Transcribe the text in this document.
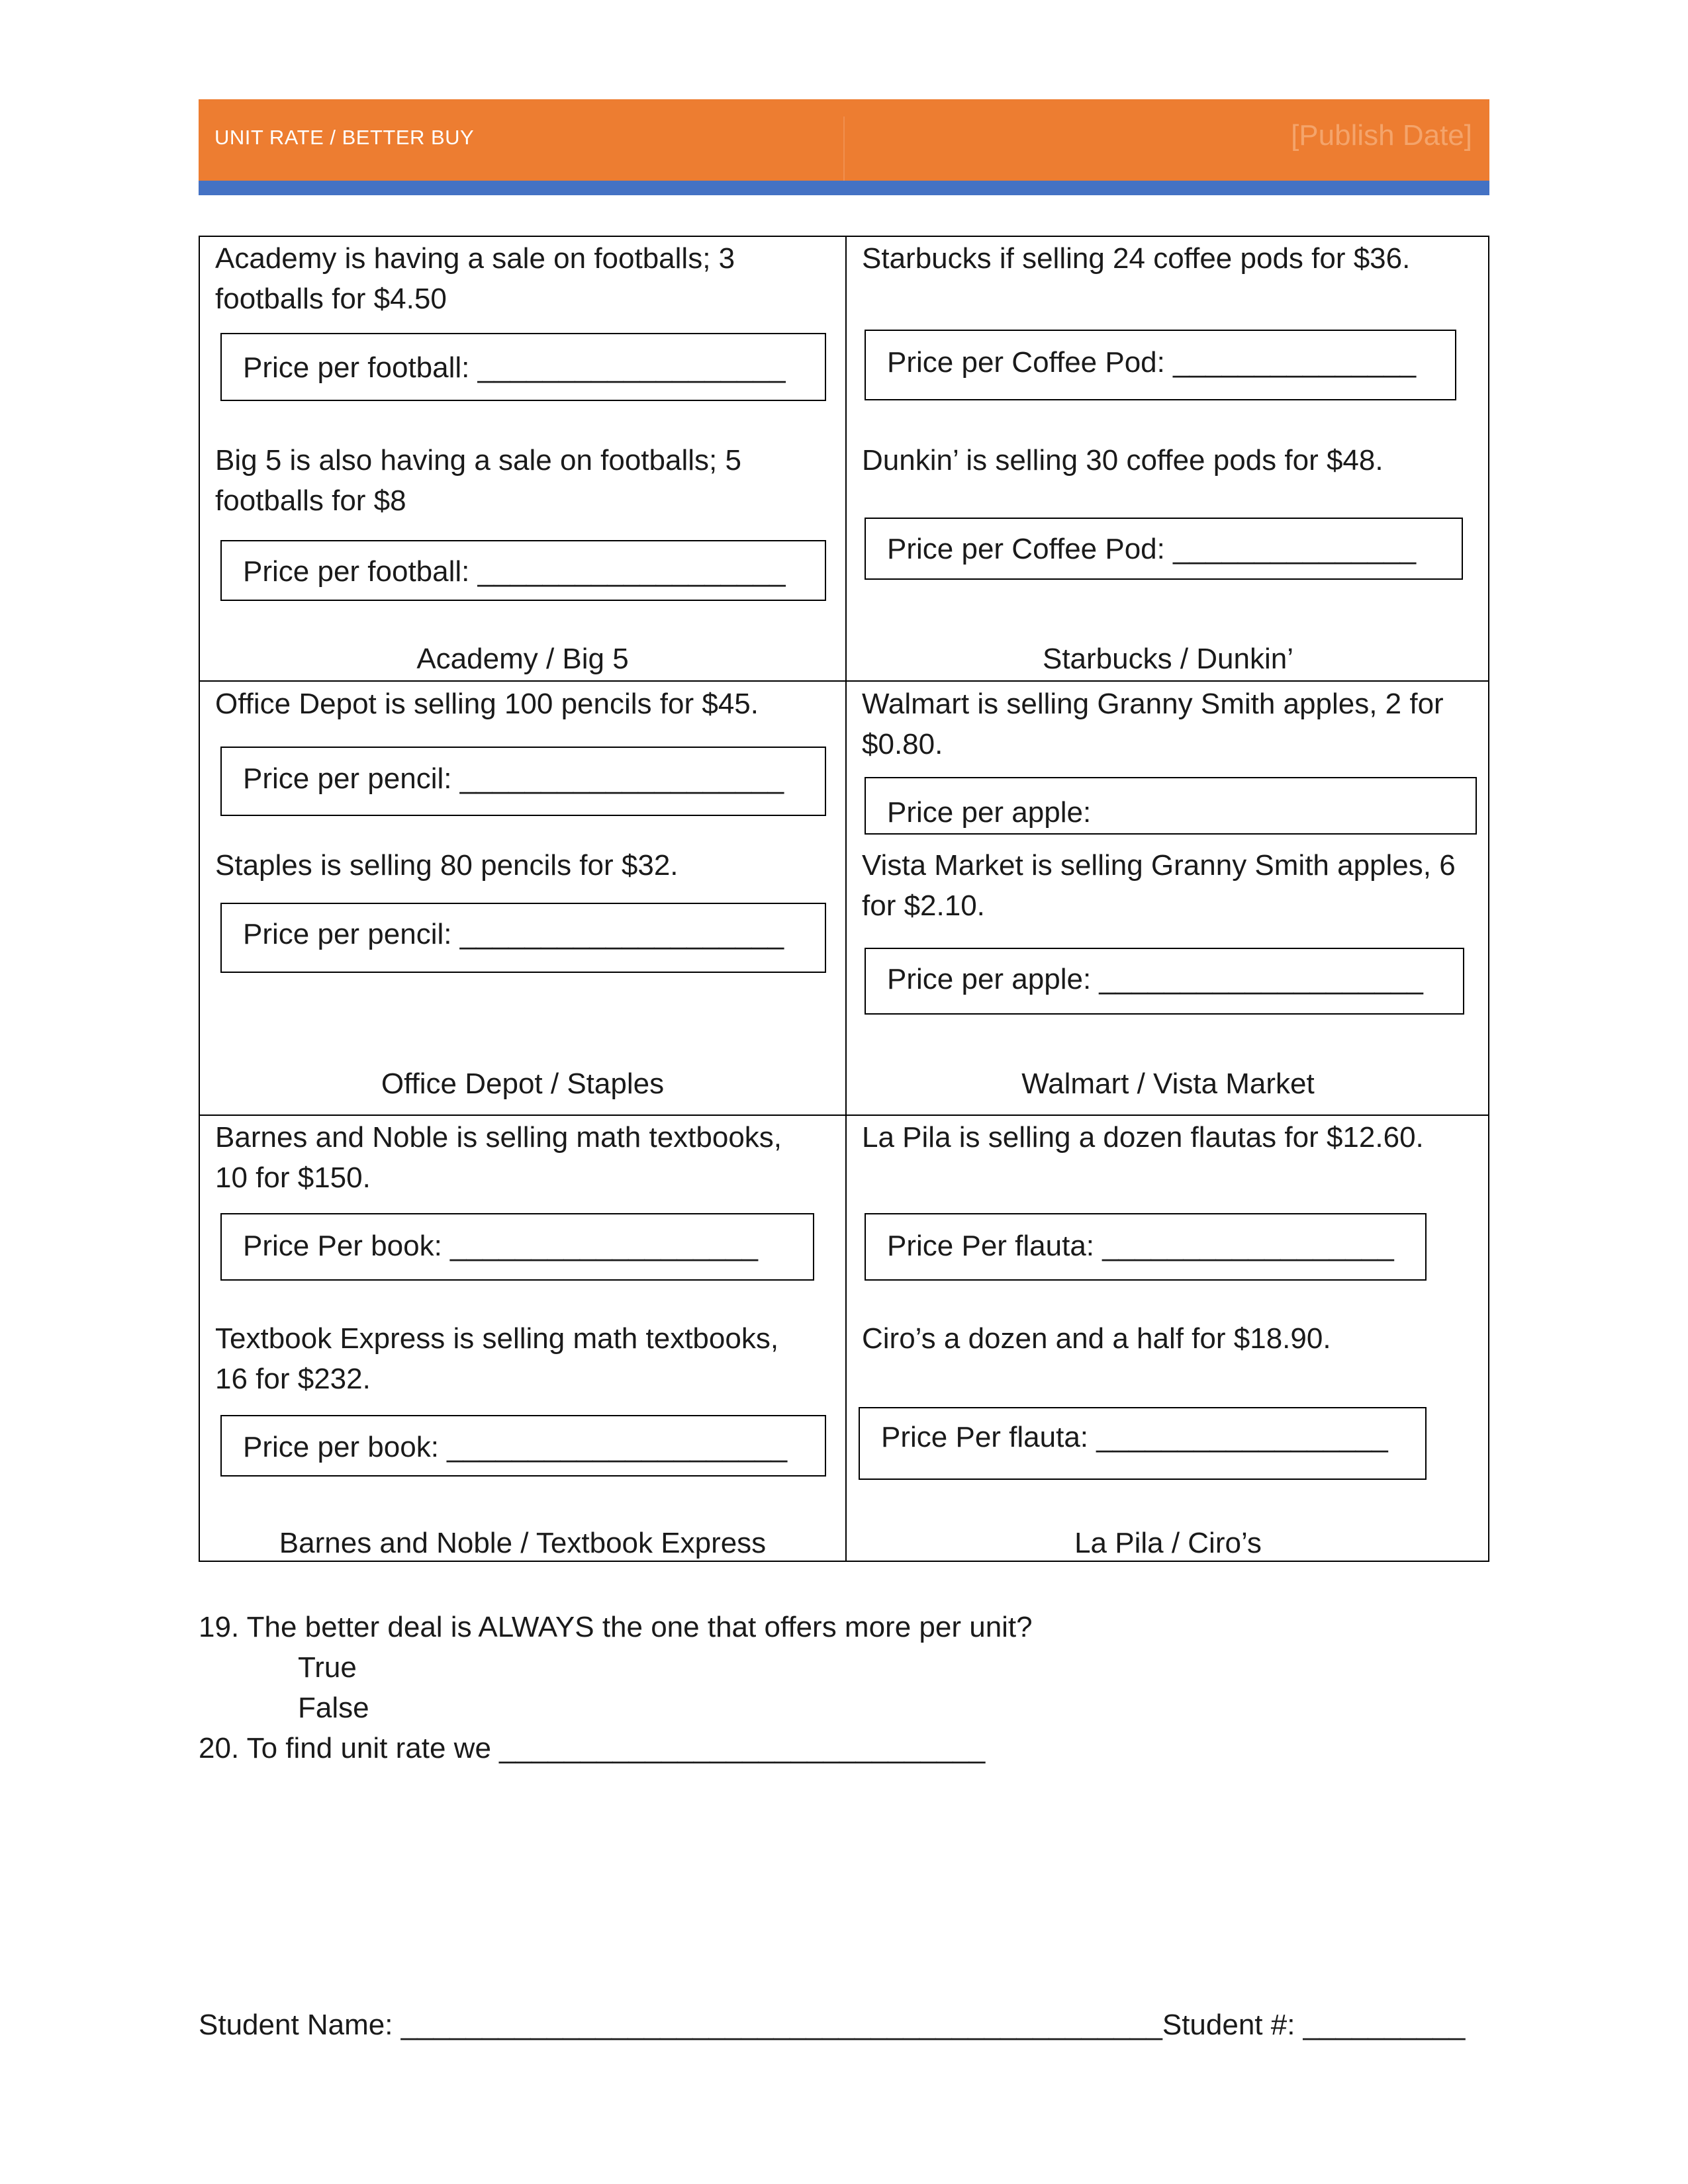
UNIT RATE / BETTER BUY	[Publish Date]
Academy is having a sale on footballs; 3
footballs for $4.50
Price per football: ___________________
Big 5 is also having a sale on footballs; 5
footballs for $8
Price per football: ___________________
Academy / Big 5
Starbucks if selling 24 coffee pods for $36.
Price per Coffee Pod: _______________
Dunkin’ is selling 30 coffee pods for $48.
Price per Coffee Pod: _______________
Starbucks / Dunkin’
Office Depot is selling 100 pencils for $45.
Price per pencil: ____________________
Staples is selling 80 pencils for $32.
Price per pencil: ____________________
Office Depot / Staples
Walmart is selling Granny Smith apples, 2 for
$0.80.
Price per apple:
Vista Market is selling Granny Smith apples, 6
for $2.10.
Price per apple: ____________________
Walmart / Vista Market
Barnes and Noble is selling math textbooks,
10 for $150.
Price Per book: ___________________
Textbook Express is selling math textbooks,
16 for $232.
Price per book: _____________________
Barnes and Noble / Textbook Express
La Pila is selling a dozen flautas for $12.60.
Price Per flauta: __________________
Ciro’s a dozen and a half for $18.90.
Price Per flauta: __________________
La Pila / Ciro’s
19. The better deal is ALWAYS the one that offers more per unit?
True
False
20. To find unit rate we ______________________________
Student Name: _______________________________________________Student #: __________
